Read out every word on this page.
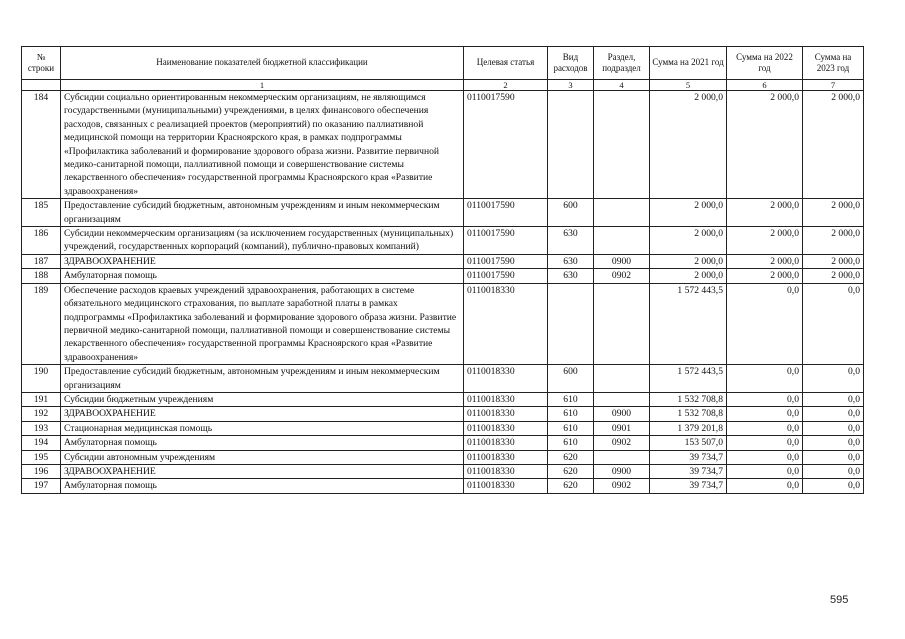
№ строки	Наименование показателей бюджетной классификации	Целевая статья	Вид расходов	Раздел, подраздел	Сумма на 2021 год	Сумма на 2022 год	Сумма на 2023 год
	1	2	3	4	5	6	7
184	Субсидии социально ориентированным некоммерческим организациям, не являющимся государственными (муниципальными) учреждениями, в целях финансового обеспечения расходов, связанных с реализацией проектов (мероприятий) по оказанию паллиативной медицинской помощи на территории Красноярского края, в рамках подпрограммы «Профилактика заболеваний и формирование здорового образа жизни. Развитие первичной медико-санитарной помощи, паллиативной помощи и совершенствование системы лекарственного обеспечения» государственной программы Красноярского края «Развитие здравоохранения»	0110017590			2 000,0	2 000,0	2 000,0
185	Предоставление субсидий бюджетным, автономным учреждениям и иным некоммерческим организациям	0110017590	600		2 000,0	2 000,0	2 000,0
186	Субсидии некоммерческим организациям (за исключением государственных (муниципальных) учреждений, государственных корпораций (компаний), публично-правовых компаний)	0110017590	630		2 000,0	2 000,0	2 000,0
187	ЗДРАВООХРАНЕНИЕ	0110017590	630	0900	2 000,0	2 000,0	2 000,0
188	Амбулаторная помощь	0110017590	630	0902	2 000,0	2 000,0	2 000,0
189	Обеспечение расходов краевых учреждений здравоохранения, работающих в системе обязательного медицинского страхования, по выплате заработной платы в рамках подпрограммы «Профилактика заболеваний и формирование здорового образа жизни. Развитие первичной медико-санитарной помощи, паллиативной помощи и совершенствование системы лекарственного обеспечения» государственной программы Красноярского края «Развитие здравоохранения»	0110018330			1 572 443,5	0,0	0,0
190	Предоставление субсидий бюджетным, автономным учреждениям и иным некоммерческим организациям	0110018330	600		1 572 443,5	0,0	0,0
191	Субсидии бюджетным учреждениям	0110018330	610		1 532 708,8	0,0	0,0
192	ЗДРАВООХРАНЕНИЕ	0110018330	610	0900	1 532 708,8	0,0	0,0
193	Стационарная медицинская помощь	0110018330	610	0901	1 379 201,8	0,0	0,0
194	Амбулаторная помощь	0110018330	610	0902	153 507,0	0,0	0,0
195	Субсидии автономным учреждениям	0110018330	620		39 734,7	0,0	0,0
196	ЗДРАВООХРАНЕНИЕ	0110018330	620	0900	39 734,7	0,0	0,0
197	Амбулаторная помощь	0110018330	620	0902	39 734,7	0,0	0,0
595
